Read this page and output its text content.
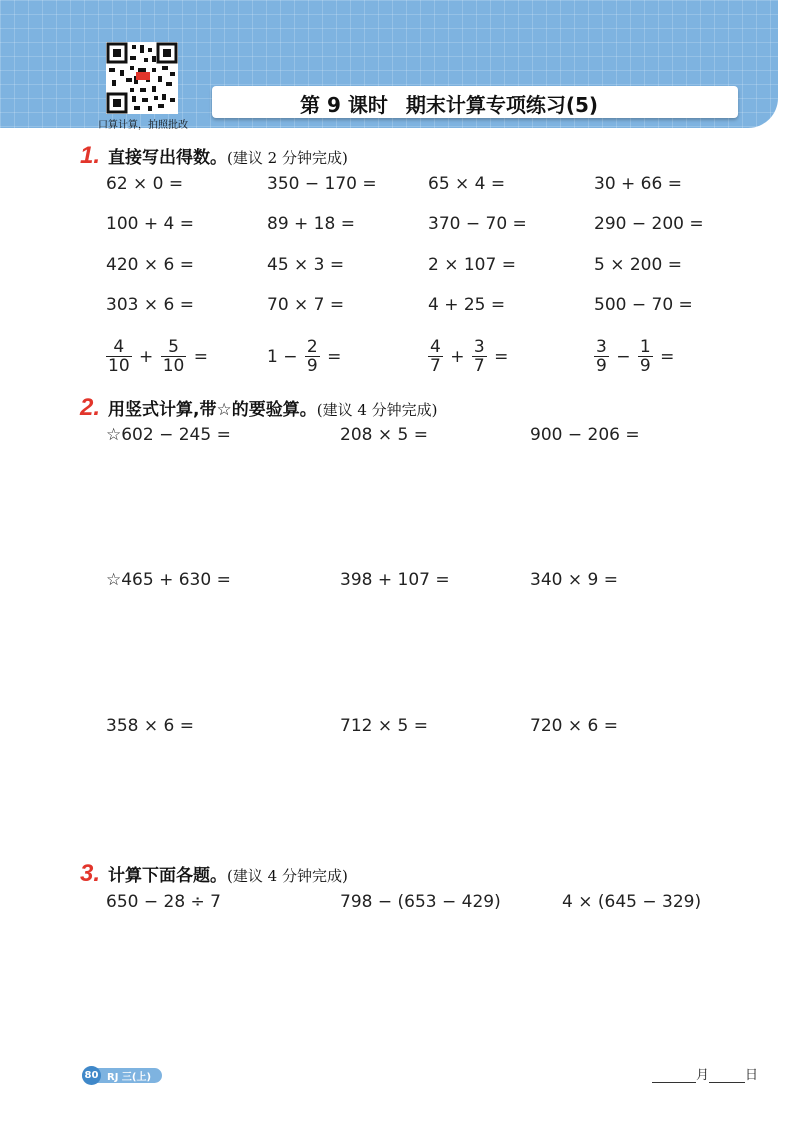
口算计算，拍照批改
第 9 课时 期末计算专项练习(5)
1. 直接写出得数。(建议 2 分钟完成)
62 × 0 =	350 − 170 =	65 × 4 =	30 + 66 =
100 + 4 =	89 + 18 =	370 − 70 =	290 − 200 =
420 × 6 =	45 × 3 =	2 × 107 =	5 × 200 =
303 × 6 =	70 × 7 =	4 + 25 =	500 − 70 =
$\frac{4}{10} + \frac{5}{10}$ =	$1 - \frac{2}{9}$ =	$\frac{4}{7} + \frac{3}{7}$ =	$\frac{3}{9} - \frac{1}{9}$ =
2. 用竖式计算,带☆的要验算。(建议 4 分钟完成)
☆602 − 245 =	208 × 5 =	900 − 206 =
☆465 + 630 =	398 + 107 =	340 × 9 =
358 × 6 =	712 × 5 =	720 × 6 =
3. 计算下面各题。(建议 4 分钟完成)
650 − 28 ÷ 7	798 − (653 − 429)	4 × (645 − 329)
80 RJ 三(上)	月	日
